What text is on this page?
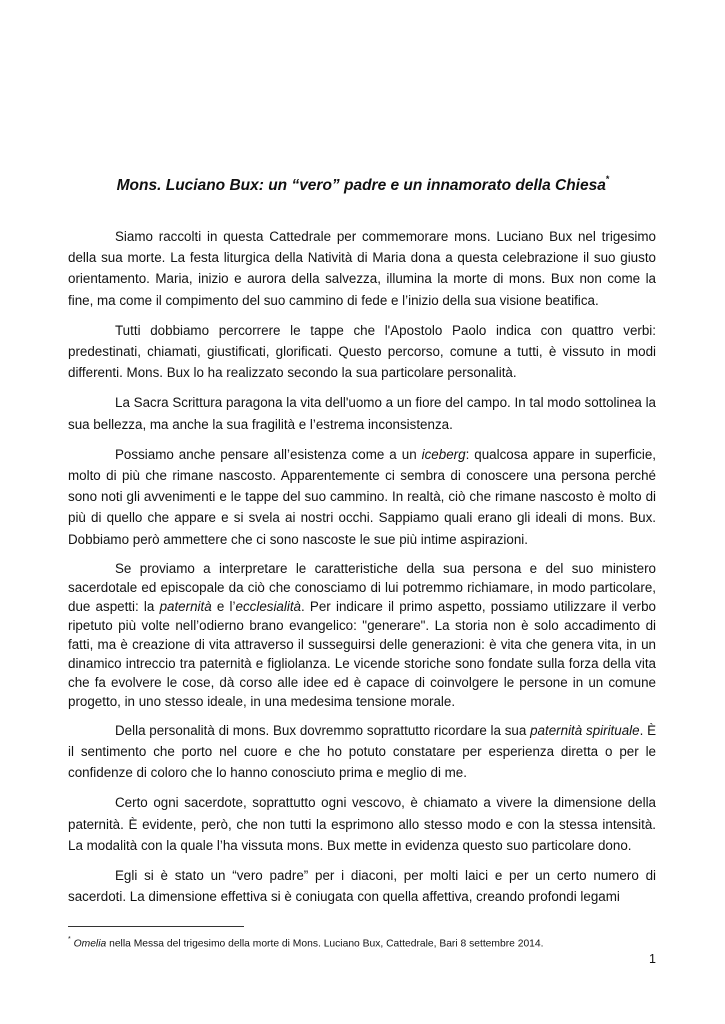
Mons. Luciano Bux: un “vero” padre e un innamorato della Chiesa*

Siamo raccolti in questa Cattedrale per commemorare mons. Luciano Bux nel trigesimo della sua morte. La festa liturgica della Natività di Maria dona a questa celebrazione il suo giusto orientamento. Maria, inizio e aurora della salvezza, illumina la morte di mons. Bux non come la fine, ma come il compimento del suo cammino di fede e l’inizio della sua visione beatifica.

Tutti dobbiamo percorrere le tappe che l'Apostolo Paolo indica con quattro verbi: predestinati, chiamati, giustificati, glorificati. Questo percorso, comune a tutti, è vissuto in modi differenti. Mons. Bux lo ha realizzato secondo la sua particolare personalità.

La Sacra Scrittura paragona la vita dell'uomo a un fiore del campo. In tal modo sottolinea la sua bellezza, ma anche la sua fragilità e l’estrema inconsistenza.

Possiamo anche pensare all’esistenza come a un iceberg: qualcosa appare in superficie, molto di più che rimane nascosto. Apparentemente ci sembra di conoscere una persona perché sono noti gli avvenimenti e le tappe del suo cammino. In realtà, ciò che rimane nascosto è molto di più di quello che appare e si svela ai nostri occhi. Sappiamo quali erano gli ideali di mons. Bux. Dobbiamo però ammettere che ci sono nascoste le sue più intime aspirazioni.

Se proviamo a interpretare le caratteristiche della sua persona e del suo ministero sacerdotale ed episcopale da ciò che conosciamo di lui potremmo richiamare, in modo particolare, due aspetti: la paternità e l’ecclesialità. Per indicare il primo aspetto, possiamo utilizzare il verbo ripetuto più volte nell’odierno brano evangelico: "generare". La storia non è solo accadimento di fatti, ma è creazione di vita attraverso il susseguirsi delle generazioni: è vita che genera vita, in un dinamico intreccio tra paternità e figliolanza. Le vicende storiche sono fondate sulla forza della vita che fa evolvere le cose, dà corso alle idee ed è capace di coinvolgere le persone in un comune progetto, in uno stesso ideale, in una medesima tensione morale.

Della personalità di mons. Bux dovremmo soprattutto ricordare la sua paternità spirituale. È il sentimento che porto nel cuore e che ho potuto constatare per esperienza diretta o per le confidenze di coloro che lo hanno conosciuto prima e meglio di me.

Certo ogni sacerdote, soprattutto ogni vescovo, è chiamato a vivere la dimensione della paternità. È evidente, però, che non tutti la esprimono allo stesso modo e con la stessa intensità. La modalità con la quale l’ha vissuta mons. Bux mette in evidenza questo suo particolare dono.

Egli si è stato un “vero padre” per i diaconi, per molti laici e per un certo numero di sacerdoti. La dimensione effettiva si è coniugata con quella affettiva, creando profondi legami

* Omelia nella Messa del trigesimo della morte di Mons. Luciano Bux, Cattedrale, Bari 8 settembre 2014.
1
